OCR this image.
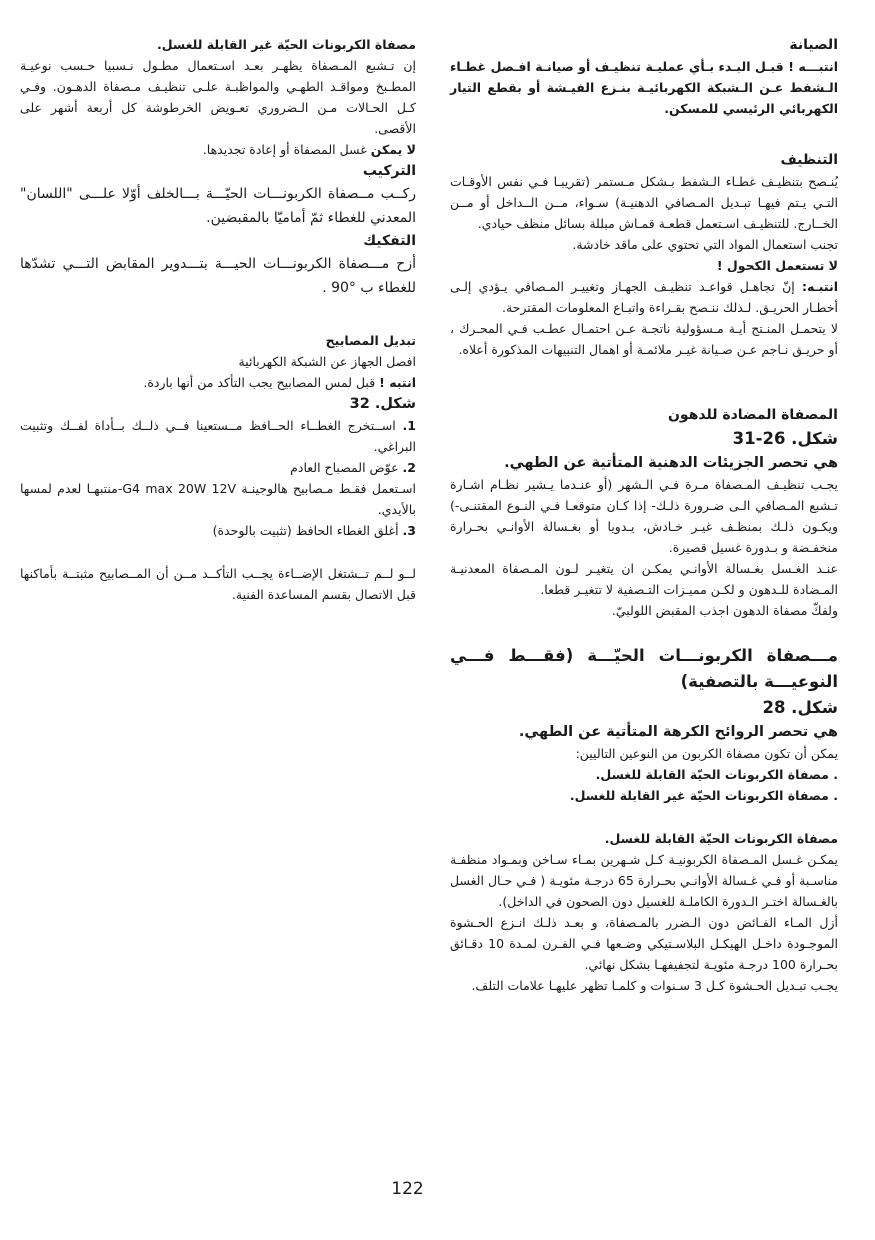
الصيانة

انتبـــه ! قبـل البـدء بـأي عمليـة تنظيـف أو صيانـة افـصل غطـاء الـشفط عـن الـشبكة الكهربائيـة بنـزع الفيـشة أو بقطع التيار الكهربائي الرئيسي للمسكن.

التنظيف

يُنـصح بتنظيـف غطـاء الـشفط بـشكل مـستمر (تقريبـا فـي نفس الأوقـات التـي يـتم فيهـا تبـديل المـصافي الدهنيـة) سـواء، مــن الــداخل أو مــن الخــارج. للتنظيـف اسـتعمل قطعـة قمـاش مبللة بسائل منظف حيادي.

تجنب استعمال المواد التي تحتوي على ماقد خادشة.

لا تستعمل الكحول !

انتبـه: إنّ تجاهـل قواعـد تنظيـف الجهـاز وتغييـر المـصافي يـؤدي إلـى أخطـار الحريـق. لـذلك ننـصح بقـراءة واتبـاع المعلومات المقترحة.

لا يتحمـل المنـتج أيـة مـسؤولية ناتجـة عـن احتمـال عطـب فـي المحـرك ، أو حريـق نـاجم عـن صـيانة غيـر ملائمـة أو اهمال التنبيهات المذكورة أعلاه.

المصفاة المضادة للدهون

شكل. 26-31

هي تحصر الجزيئات الدهنية المتأتية عن الطهي.

يجـب تنظيـف المـصفاة مـرة فـي الـشهر (أو عنـدما يـشير نظـام اشـارة تـشبع المـصافي الـى ضـرورة ذلـك- إذا كـان متوقعـا فـي النـوع المقتنـى-) ويكـون ذلـك بمنظـف غيـر خـادش، يـدويا أو بغـسالة الأوانـي بحـرارة منخفـضة و بـدورة غسيل قصيرة.

عنـد الغـسل بغـسالة الأوانـي يمكـن ان يتغيـر لـون المـصفاة المعدنيـة المـضادة للـدهون و لكـن مميـزات التـصفية لا تتغيـر قطعا.

ولفكّ مصفاة الدهون اجذب المقبض اللولبيّ.

مـــصفاة الكربونـــات الحيّـــة (فقـــط فـــي النوعيـــة بالتصفية)

شكل. 28

هي تحصر الروائح الكرهة المتأتية عن الطهي.

يمكن أن تكون مصفاة الكربون من النوعين التاليين:

. مصفاة الكربونات الحيّة القابلة للغسل.

. مصفاة الكربونات الحيّة غير القابلة للغسل.

مصفاة الكربونات الحيّة القابلة للغسل.

يمكـن غـسل المـصفاة الكربونيـة كـل شـهرين بمـاء سـاخن وبمـواد منظفـة مناسـبة أو فـي غـسالة الأوانـي بحـرارة 65 درجـة مئويـة ( فـي حـال الغسل بالغـسالة اختـر الـدورة الكاملـة للغسيل دون الصحون في الداخل).

أزل المـاء الفـائض دون الـضرر بالمـصفاة، و بعـد ذلـك انـزع الحـشوة الموجـودة داخـل الهيكـل البلاسـتيكي وضـعها فـي الفـرن لمـدة 10 دقـائق بحـرارة 100 درجـة مئويـة لتجفيفهـا بشكل نهائي.

يجـب تبـديل الحـشوة كـل 3 سـنوات و كلمـا تظهر عليهـا علامات التلف.

مصفاة الكربونات الحيّة غير القابلة للغسل.

إن تـشبع المـصفاة يظهـر بعـد اسـتعمال مطـول نـسبيا حـسب نوعيـة المطـبخ ومواقـد الطهـي والمواظبـة علـى تنظيـف مـصفاة الدهـون. وفـي كـل الحـالات مـن الـضروري تعـويض الخرطوشة كل أربعة أشهر على الأقصى.

لا يمكن غسل المصفاة أو إعادة تجديدها.

التركيب

ركــب مــصفاة الكربونـــات الحيّـــة بـــالخلف أوّلا علـــى "اللسان" المعدني للغطاء ثمّ أماميّا بالمقبضين.

التفكيك

أزح مـــصفاة الكربونـــات الحيـــة بتـــدوير المقابض التـــي تشدّها للغطاء ب °90 .

تبديل المصابيح

افصل الجهاز عن الشبكة الكهربائية

انتبه ! قبل لمس المصابيح يجب التأكد من أنها باردة.

شكل. 32

1. اســتخرج الغطــاء الحــافظ مــستعينا فــي ذلــك بــأداة لفــك وتثبيت البراغي.

2. عوّض المصباح العادم

اسـتعمل فقـط مـصابيح هالوجينـة G4 max 20W 12V-منتبهـا لعدم لمسها بالأيدي.

3. أغلق الغطاء الحافظ (تثبيت بالوحدة)

لــو لــم تــشتغل الإضــاءة يجــب التأكــد مــن أن المــصابيح مثبتــة بأماكنها قبل الاتصال بقسم المساعدة الفنية.

122
